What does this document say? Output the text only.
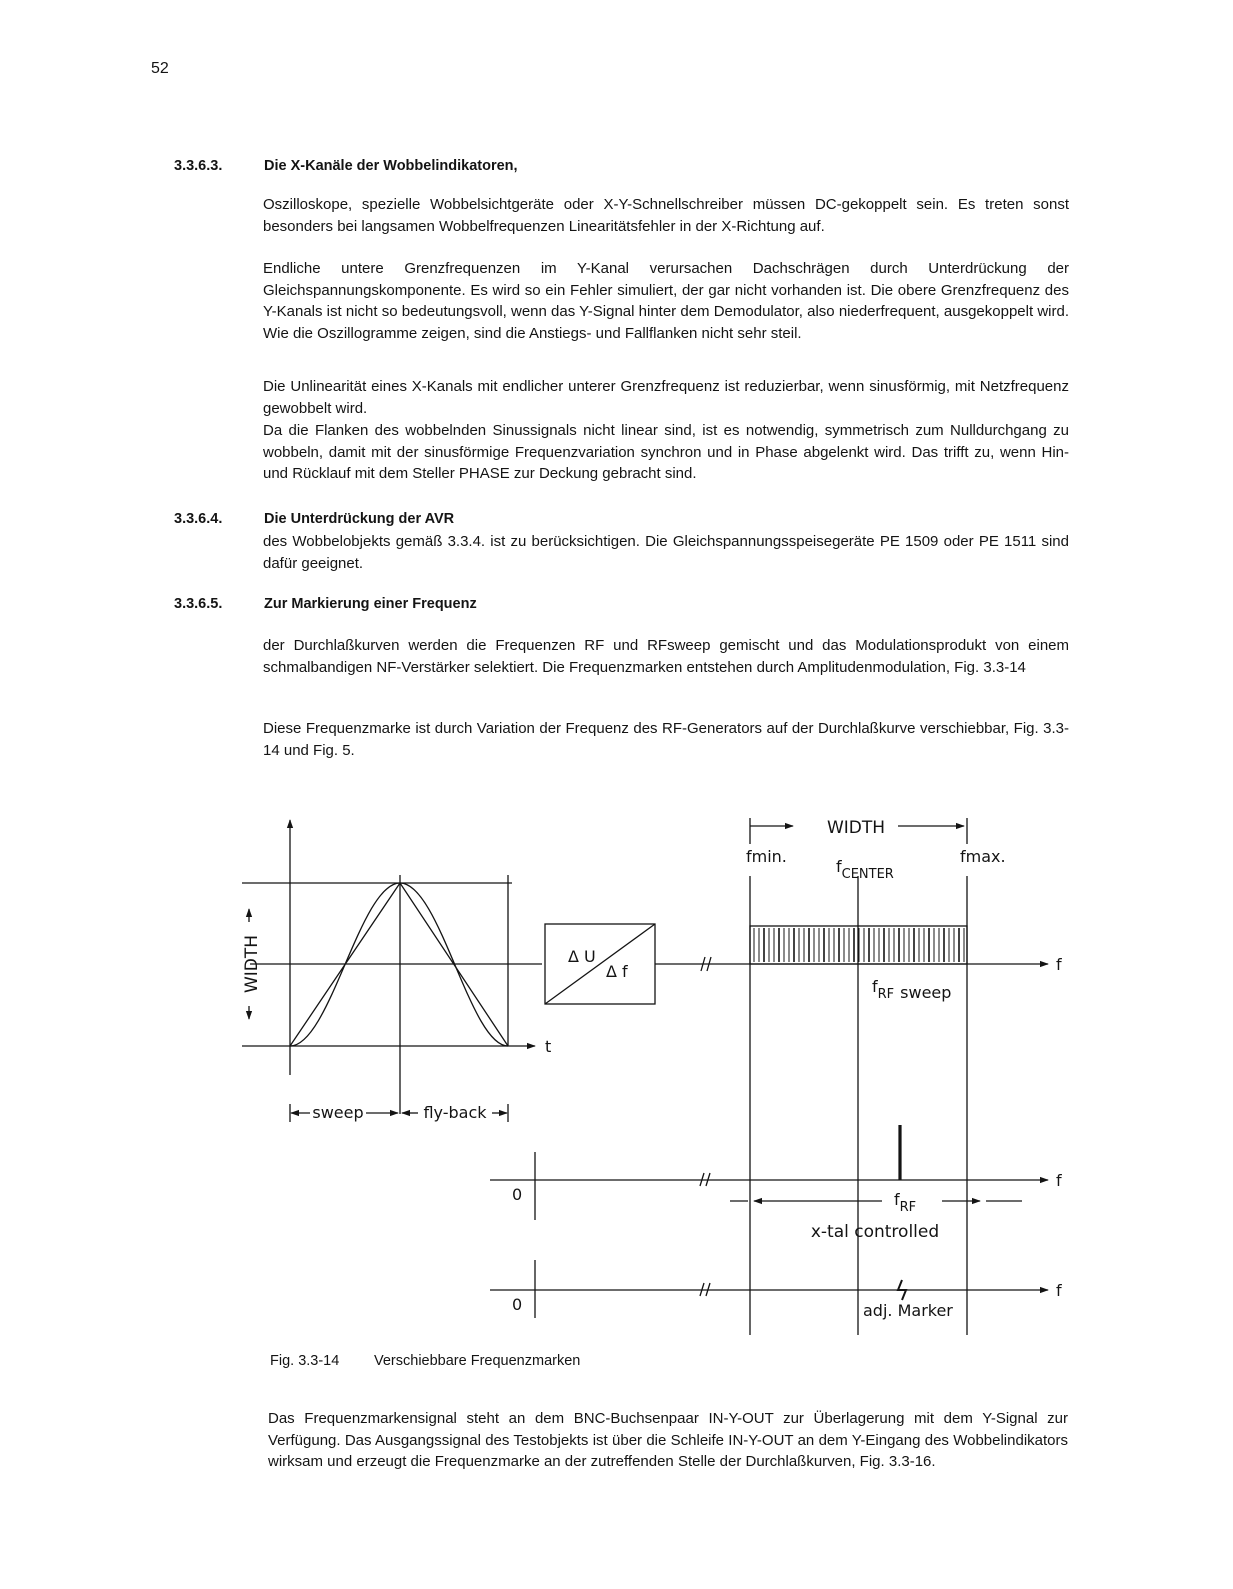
52
3.3.6.3.	Die X-Kanäle der Wobbelindikatoren,

Oszilloskope, spezielle Wobbelsichtgeräte oder X-Y-Schnellschreiber müssen DC-gekoppelt sein. Es treten sonst besonders bei langsamen Wobbelfrequenzen Linearitätsfehler in der X-Richtung auf.

Endliche untere Grenzfrequenzen im Y-Kanal verursachen Dachschrägen durch Unterdrückung der Gleichspannungskomponente. Es wird so ein Fehler simuliert, der gar nicht vorhanden ist. Die obere Grenzfrequenz des Y-Kanals ist nicht so bedeutungsvoll, wenn das Y-Signal hinter dem Demodulator, also niederfrequent, ausgekoppelt wird. Wie die Oszillogramme zeigen, sind die Anstiegs- und Fallflanken nicht sehr steil.

Die Unlinearität eines X-Kanals mit endlicher unterer Grenzfrequenz ist reduzierbar, wenn sinusförmig, mit Netzfrequenz gewobbelt wird.

Da die Flanken des wobbelnden Sinussignals nicht linear sind, ist es notwendig, symmetrisch zum Nulldurchgang zu wobbeln, damit mit der sinusförmige Frequenzvariation synchron und in Phase abgelenkt wird. Das trifft zu, wenn Hin- und Rücklauf mit dem Steller PHASE zur Deckung gebracht sind.

3.3.6.4.	Die Unterdrückung der AVR

des Wobbelobjekts gemäß 3.3.4. ist zu berücksichtigen. Die Gleichspannungsspeisegeräte PE 1509 oder PE 1511 sind dafür geeignet.

3.3.6.5.	Zur Markierung einer Frequenz

der Durchlaßkurven werden die Frequenzen RF und RFsweep gemischt und das Modulationsprodukt von einem schmalbandigen NF-Verstärker selektiert. Die Frequenzmarken entstehen durch Amplitudenmodulation, Fig. 3.3-14

Diese Frequenzmarke ist durch Variation der Frequenz des RF-Generators auf der Durchlaßkurve verschiebbar, Fig. 3.3-14 und Fig. 5.

WIDTH
t
sweep	fly-back
Δ U
Δ f
WIDTH
fmin.
$f_{CENTER}$
fmax.
f
$f_{RF}$ sweep
f
0	$f_{RF}$
x-tal controlled
f
0	adj. Marker
Fig. 3.3-14 Verschiebbare Frequenzmarken

Das Frequenzmarkensignal steht an dem BNC-Buchsenpaar IN-Y-OUT zur Überlagerung mit dem Y-Signal zur Verfügung. Das Ausgangssignal des Testobjekts ist über die Schleife IN-Y-OUT an dem Y-Eingang des Wobbelindikators wirksam und erzeugt die Frequenzmarke an der zutreffenden Stelle der Durchlaßkurven, Fig. 3.3-16.
